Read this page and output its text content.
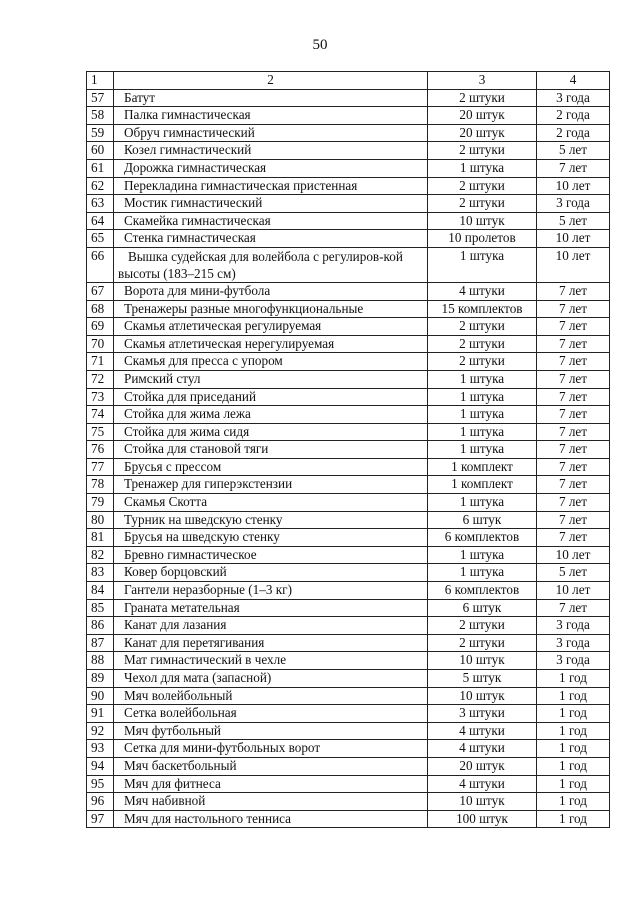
50
1	2	3	4
57	Батут	2 штуки	3 года
58	Палка гимнастическая	20 штук	2 года
59	Обруч гимнастический	20 штук	2 года
60	Козел гимнастический	2 штуки	5 лет
61	Дорожка гимнастическая	1 штука	7 лет
62	Перекладина гимнастическая пристенная	2 штуки	10 лет
63	Мостик гимнастический	2 штуки	3 года
64	Скамейка гимнастическая	10 штук	5 лет
65	Стенка гимнастическая	10 пролетов	10 лет
66	Вышка судейская для волейбола с регулиров-кой высоты (183–215 см)	1 штука	10 лет
67	Ворота для мини-футбола	4 штуки	7 лет
68	Тренажеры разные многофункциональные	15 комплектов	7 лет
69	Скамья атлетическая регулируемая	2 штуки	7 лет
70	Скамья атлетическая нерегулируемая	2 штуки	7 лет
71	Скамья для пресса с упором	2 штуки	7 лет
72	Римский стул	1 штука	7 лет
73	Стойка для приседаний	1 штука	7 лет
74	Стойка для жима лежа	1 штука	7 лет
75	Стойка для жима сидя	1 штука	7 лет
76	Стойка для становой тяги	1 штука	7 лет
77	Брусья с прессом	1 комплект	7 лет
78	Тренажер для гиперэкстензии	1 комплект	7 лет
79	Скамья Скотта	1 штука	7 лет
80	Турник на шведскую стенку	6 штук	7 лет
81	Брусья на шведскую стенку	6 комплектов	7 лет
82	Бревно гимнастическое	1 штука	10 лет
83	Ковер борцовский	1 штука	5 лет
84	Гантели неразборные (1–3 кг)	6 комплектов	10 лет
85	Граната метательная	6 штук	7 лет
86	Канат для лазания	2 штуки	3 года
87	Канат для перетягивания	2 штуки	3 года
88	Мат гимнастический в чехле	10 штук	3 года
89	Чехол для мата (запасной)	5 штук	1 год
90	Мяч волейбольный	10 штук	1 год
91	Сетка волейбольная	3 штуки	1 год
92	Мяч футбольный	4 штуки	1 год
93	Сетка для мини-футбольных ворот	4 штуки	1 год
94	Мяч баскетбольный	20 штук	1 год
95	Мяч для фитнеса	4 штуки	1 год
96	Мяч набивной	10 штук	1 год
97	Мяч для настольного тенниса	100 штук	1 год
